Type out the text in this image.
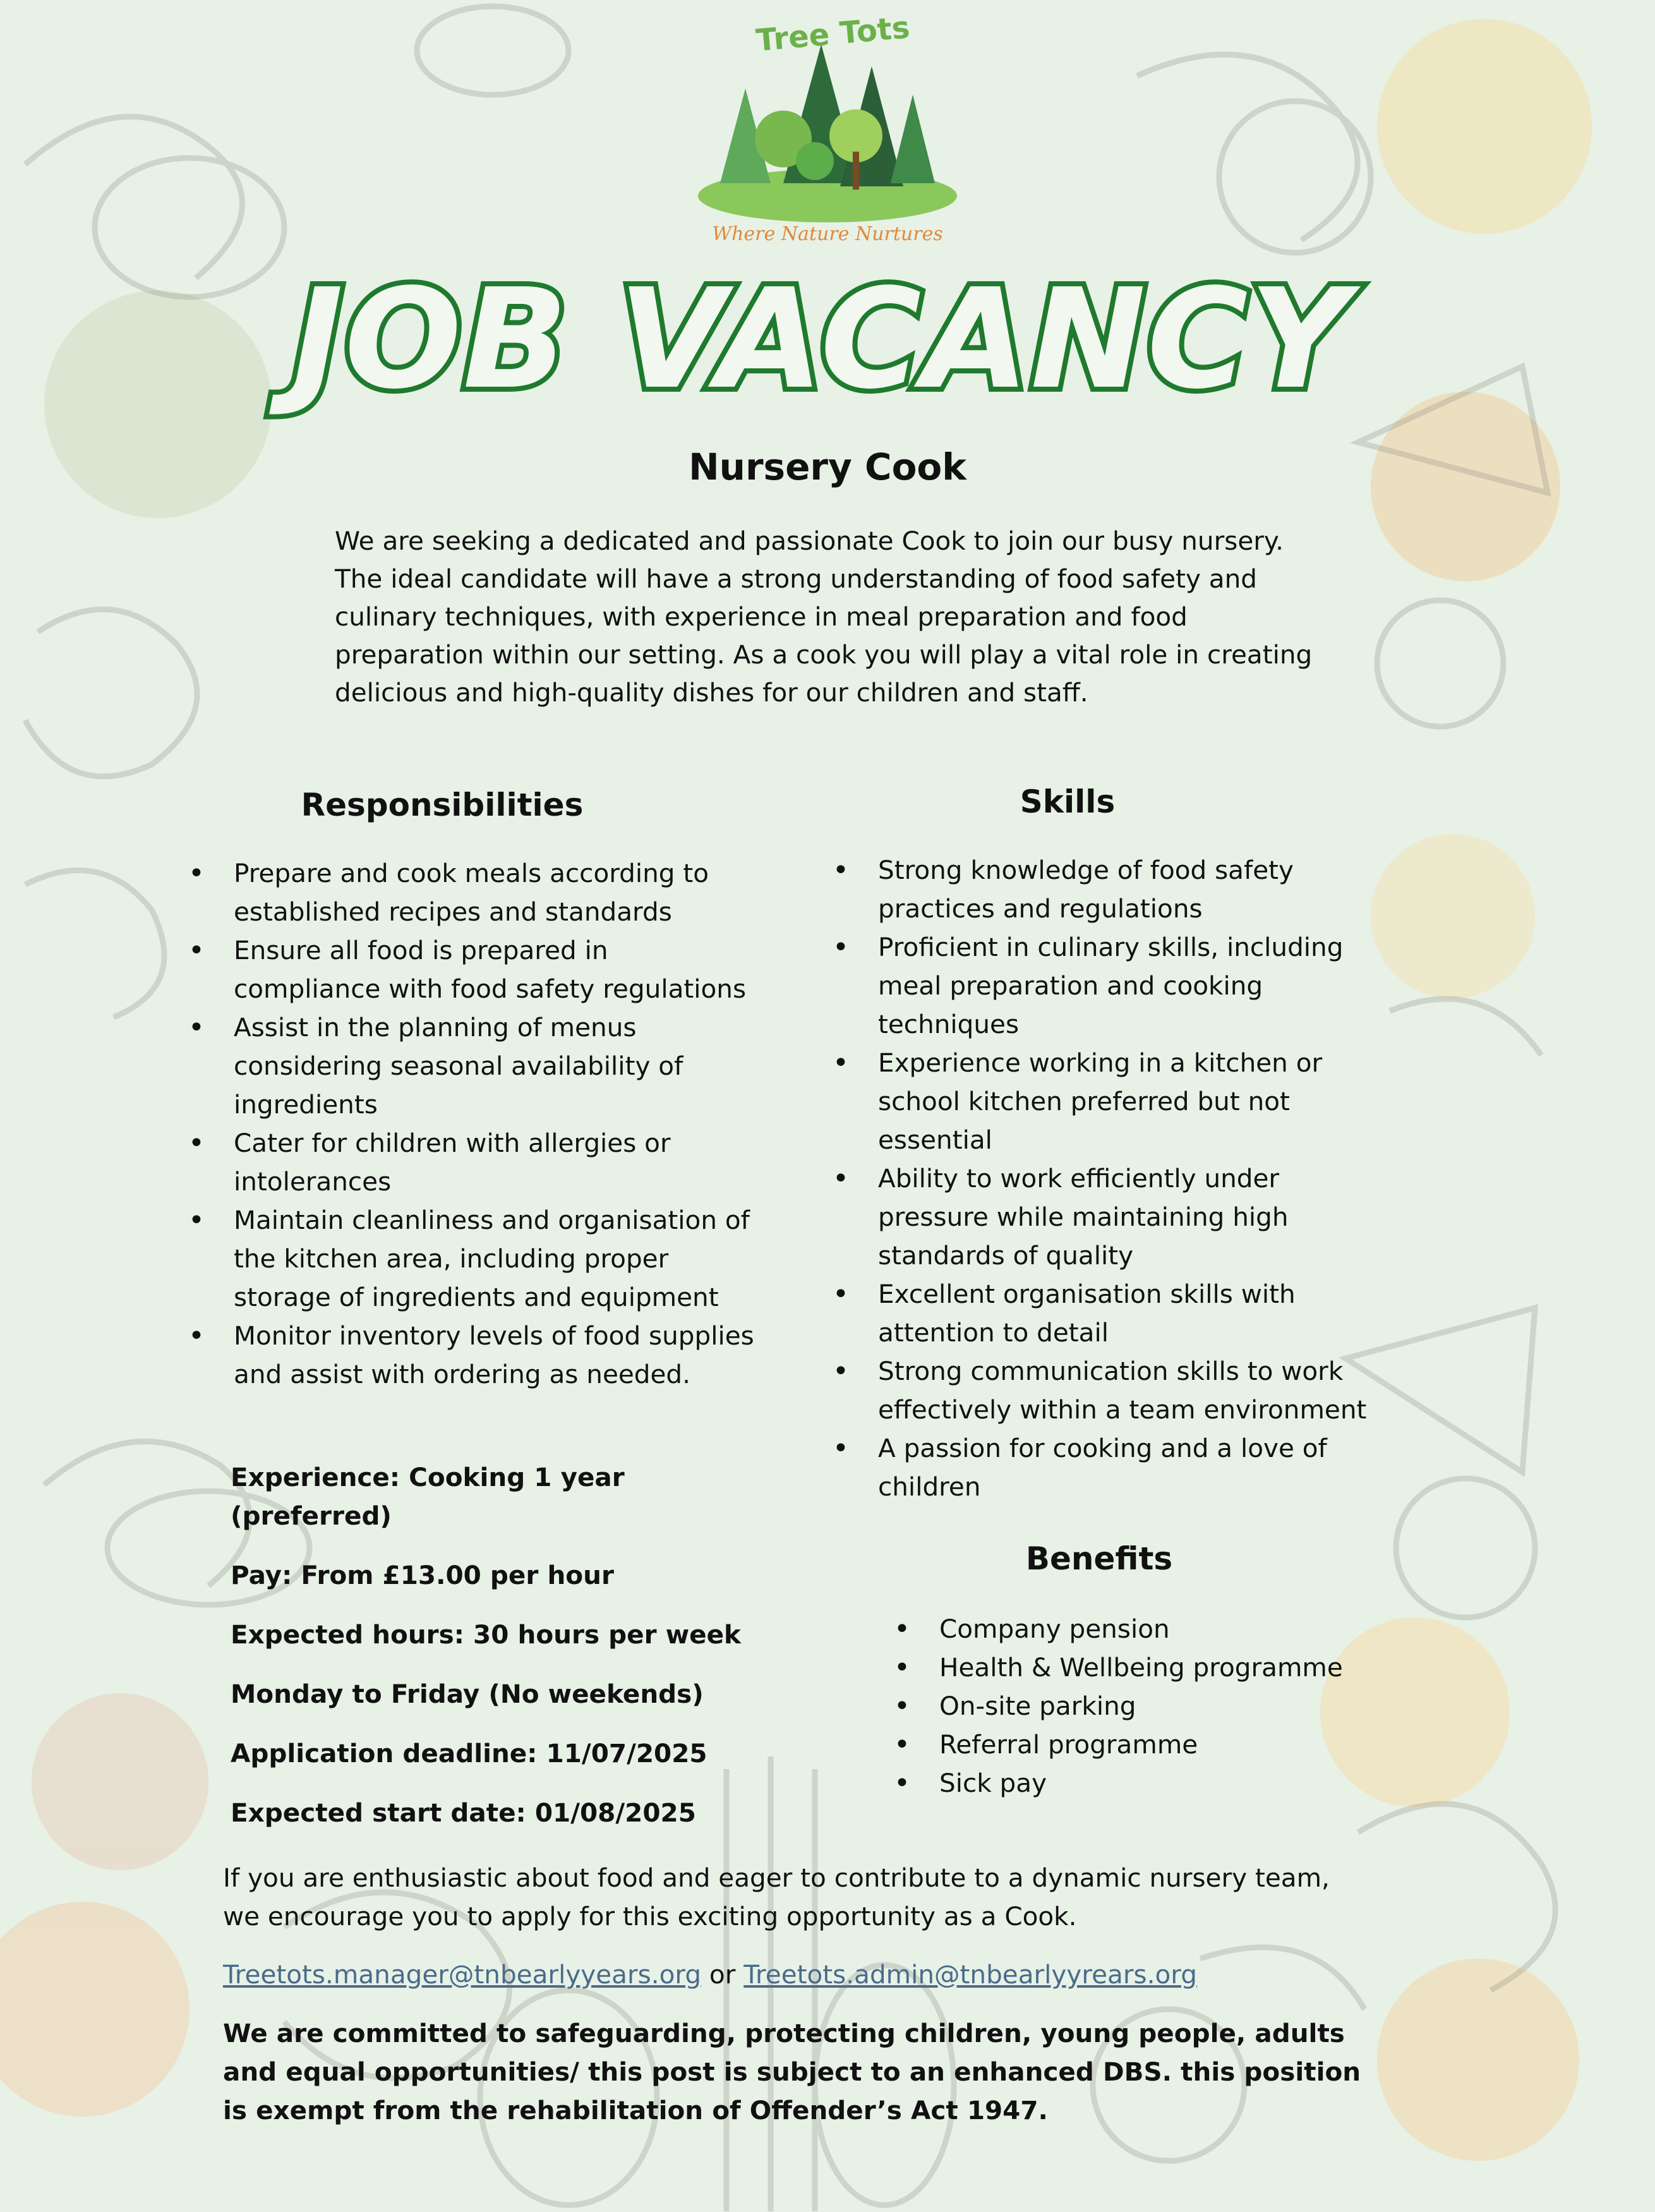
Tree Tots
Where Nature Nurtures
JOB VACANCY
Nursery Cook
We are seeking a dedicated and passionate Cook to join our busy nursery. The ideal candidate will have a strong understanding of food safety and culinary techniques, with experience in meal preparation and food preparation within our setting. As a cook you will play a vital role in creating delicious and high-quality dishes for our children and staff.
Responsibilities
• Prepare and cook meals according to established recipes and standards
• Ensure all food is prepared in compliance with food safety regulations
• Assist in the planning of menus considering seasonal availability of ingredients
• Cater for children with allergies or intolerances
• Maintain cleanliness and organisation of the kitchen area, including proper storage of ingredients and equipment
• Monitor inventory levels of food supplies and assist with ordering as needed.
Skills
• Strong knowledge of food safety practices and regulations
• Proficient in culinary skills, including meal preparation and cooking techniques
• Experience working in a kitchen or school kitchen preferred but not essential
• Ability to work efficiently under pressure while maintaining high standards of quality
• Excellent organisation skills with attention to detail
• Strong communication skills to work effectively within a team environment
• A passion for cooking and a love of children

Experience: Cooking 1 year (preferred)

Pay: From £13.00 per hour

Expected hours: 30 hours per week

Monday to Friday (No weekends)

Application deadline: 11/07/2025

Expected start date: 01/08/2025

Benefits
• Company pension
• Health & Wellbeing programme
• On-site parking
• Referral programme
• Sick pay
If you are enthusiastic about food and eager to contribute to a dynamic nursery team, we encourage you to apply for this exciting opportunity as a Cook.
Treetots.manager@tnbearlyyears.org or Treetots.admin@tnbearlyyrears.org
We are committed to safeguarding, protecting children, young people, adults and equal opportunities/ this post is subject to an enhanced DBS. this position is exempt from the rehabilitation of Offender’s Act 1947.
